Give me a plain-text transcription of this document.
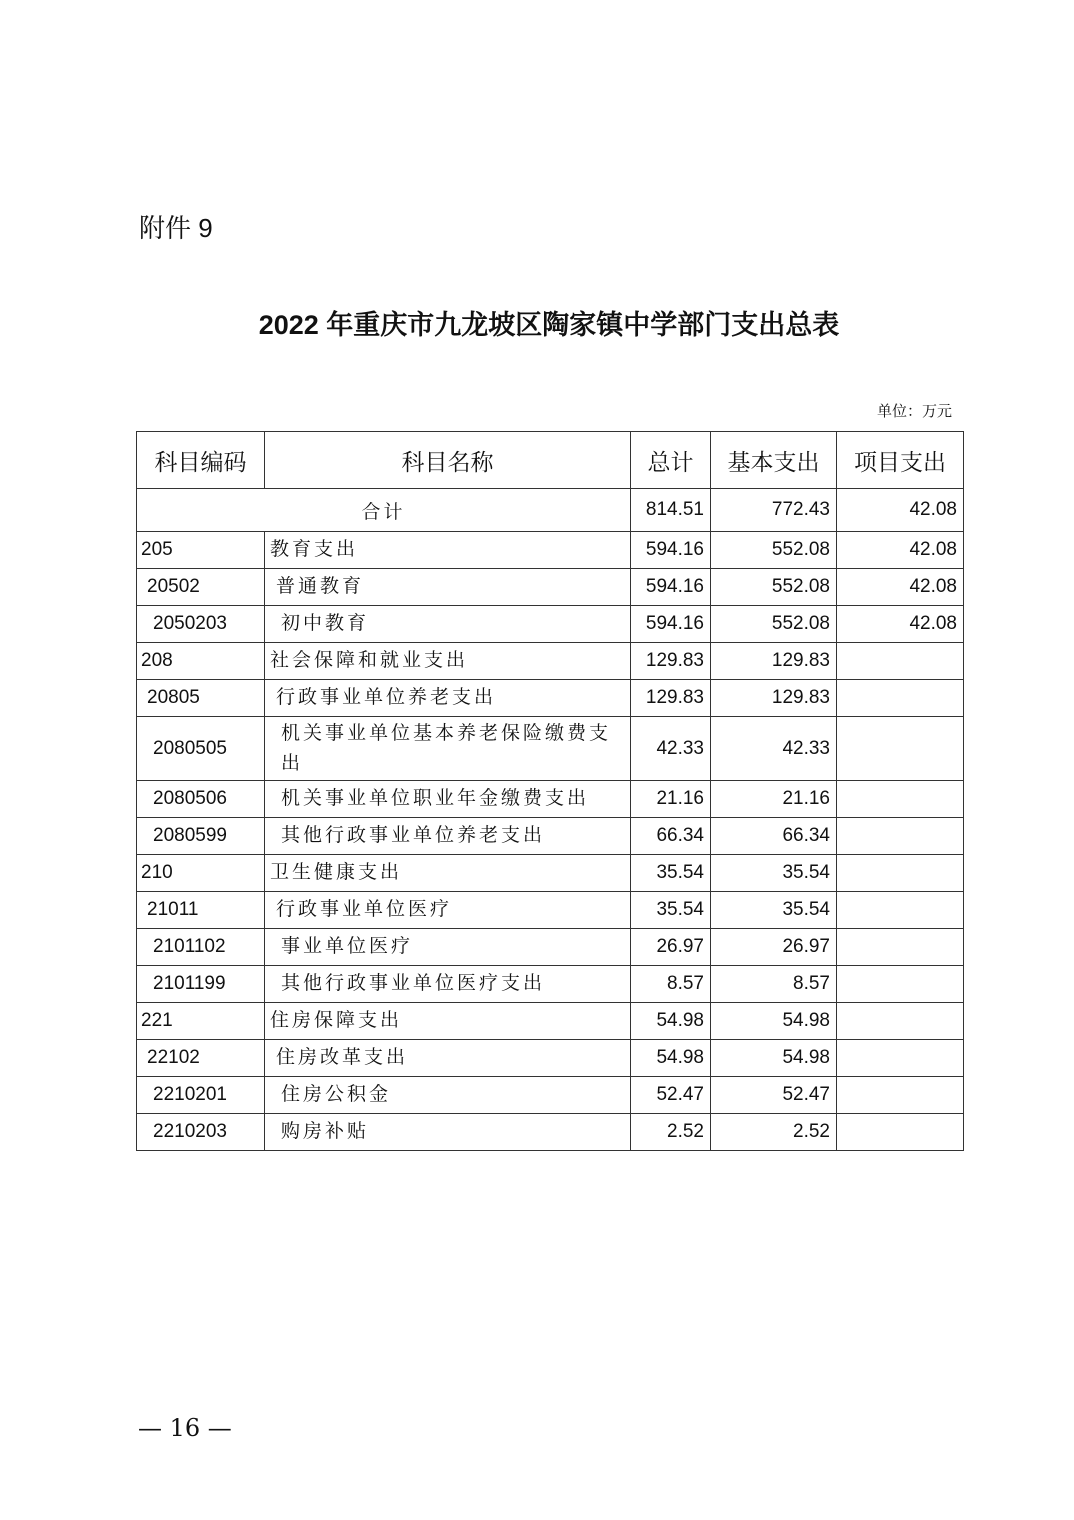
附件 9
2022 年重庆市九龙坡区陶家镇中学部门支出总表
单位：万元
科目编码	科目名称	总计	基本支出	项目支出
合计		814.51	772.43	42.08
205	教育支出	594.16	552.08	42.08
20502	普通教育	594.16	552.08	42.08
2050203	初中教育	594.16	552.08	42.08
208	社会保障和就业支出	129.83	129.83	
20805	行政事业单位养老支出	129.83	129.83	
2080505	机关事业单位基本养老保险缴费支出	42.33	42.33	
2080506	机关事业单位职业年金缴费支出	21.16	21.16	
2080599	其他行政事业单位养老支出	66.34	66.34	
210	卫生健康支出	35.54	35.54	
21011	行政事业单位医疗	35.54	35.54	
2101102	事业单位医疗	26.97	26.97	
2101199	其他行政事业单位医疗支出	8.57	8.57	
221	住房保障支出	54.98	54.98	
22102	住房改革支出	54.98	54.98	
2210201	住房公积金	52.47	52.47	
2210203	购房补贴	2.52	2.52	
— 16 —
